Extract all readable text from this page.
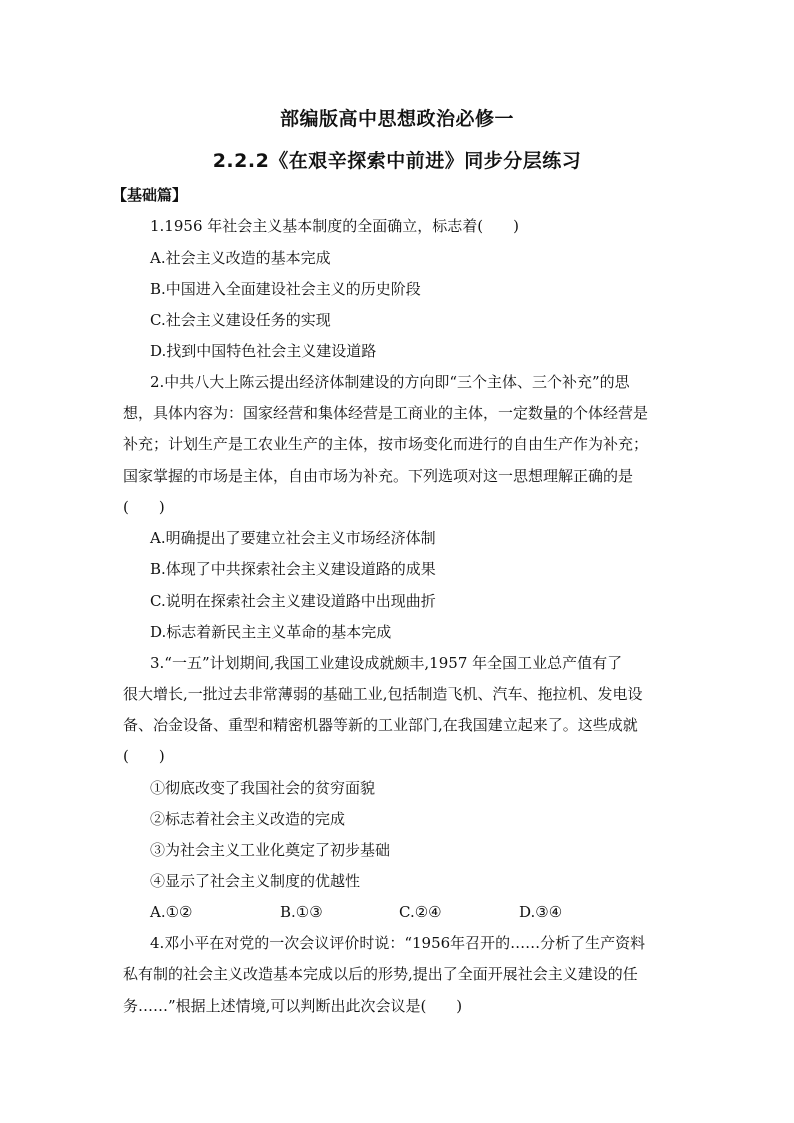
部编版高中思想政治必修一
2.2.2《在艰辛探索中前进》同步分层练习
【基础篇】
1.1956 年社会主义基本制度的全面确立，标志着(　　)
A.社会主义改造的基本完成
B.中国进入全面建设社会主义的历史阶段
C.社会主义建设任务的实现
D.找到中国特色社会主义建设道路
2.中共八大上陈云提出经济体制建设的方向即“三个主体、三个补充”的思
想，具体内容为：国家经营和集体经营是工商业的主体，一定数量的个体经营是
补充；计划生产是工农业生产的主体，按市场变化而进行的自由生产作为补充；
国家掌握的市场是主体，自由市场为补充。下列选项对这一思想理解正确的是
(　　)
A.明确提出了要建立社会主义市场经济体制
B.体现了中共探索社会主义建设道路的成果
C.说明在探索社会主义建设道路中出现曲折
D.标志着新民主主义革命的基本完成
3.“一五”计划期间,我国工业建设成就颇丰,1957 年全国工业总产值有了
很大增长,一批过去非常薄弱的基础工业,包括制造飞机、汽车、拖拉机、发电设
备、冶金设备、重型和精密机器等新的工业部门,在我国建立起来了。这些成就
(　　)
①彻底改变了我国社会的贫穷面貌
②标志着社会主义改造的完成
③为社会主义工业化奠定了初步基础
④显示了社会主义制度的优越性
A.①②	B.①③	C.②④	D.③④
4.邓小平在对党的一次会议评价时说：“1956年召开的……分析了生产资料
私有制的社会主义改造基本完成以后的形势,提出了全面开展社会主义建设的任
务……”根据上述情境,可以判断出此次会议是(　　)
